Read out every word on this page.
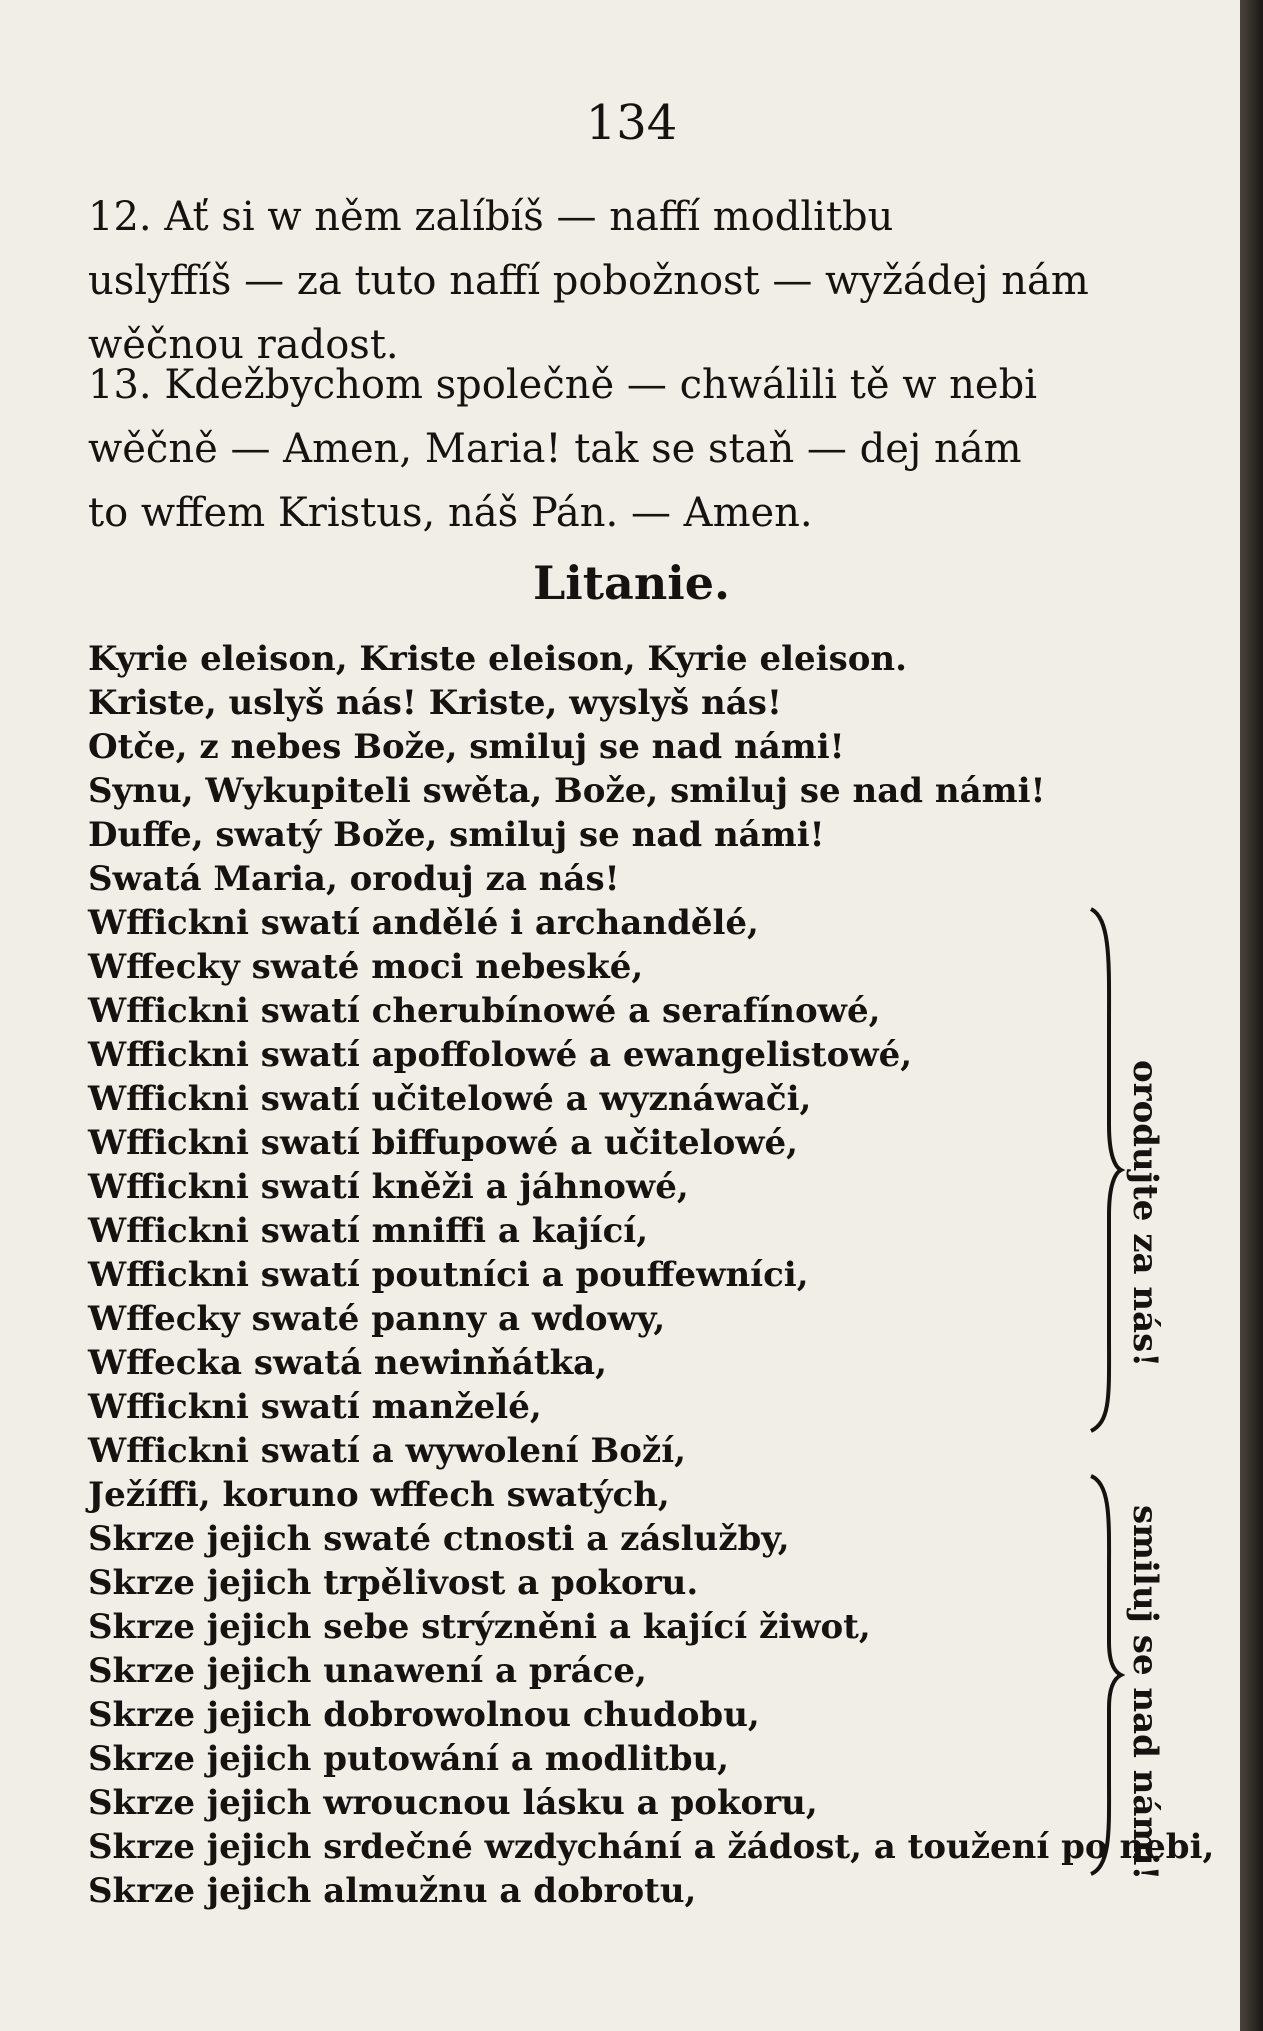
134
12. Ať si w něm zalíbíš — naffí modlitbu
uslyffíš — za tuto naffí pobožnost — wyžádej nám
wěčnou radost.
13. Kdežbychom společně — chwálili tě w nebi
wěčně — Amen, Maria! tak se staň — dej nám
to wffem Kristus, náš Pán. — Amen.
Litanie.
Kyrie eleison, Kriste eleison, Kyrie eleison.
Kriste, uslyš nás! Kriste, wyslyš nás!
Otče, z nebes Bože, smiluj se nad námi!
Synu, Wykupiteli swěta, Bože, smiluj se nad námi!
Duffe, swatý Bože, smiluj se nad námi!
Swatá Maria, oroduj za nás!
Wffickni swatí andělé i archandělé,
Wffecky swaté moci nebeské,
Wffickni swatí cherubínowé a serafínowé,
Wffickni swatí apoffolowé a ewangelistowé,
Wffickni swatí učitelowé a wyznáwači,
Wffickni swatí biffupowé a učitelowé,
Wffickni swatí kněži a jáhnowé,
Wffickni swatí mniffi a kající,
Wffickni swatí poutníci a pouffewníci,
Wffecky swaté panny a wdowy,
Wffecka swatá newinňátka,
Wffickni swatí manželé,
Wffickni swatí a wywolení Boží,
Ježíffi, koruno wffech swatých,
Skrze jejich swaté ctnosti a záslužby,
Skrze jejich trpělivost a pokoru.
Skrze jejich sebe strýzněni a kající žiwot,
Skrze jejich unawení a práce,
Skrze jejich dobrowolnou chudobu,
Skrze jejich putowání a modlitbu,
Skrze jejich wroucnou lásku a pokoru,
Skrze jejich srdečné wzdychání a žádost, a toužení po nebi,
Skrze jejich almužnu a dobrotu,
orodujte za nás!
smiluj se nad námi!
